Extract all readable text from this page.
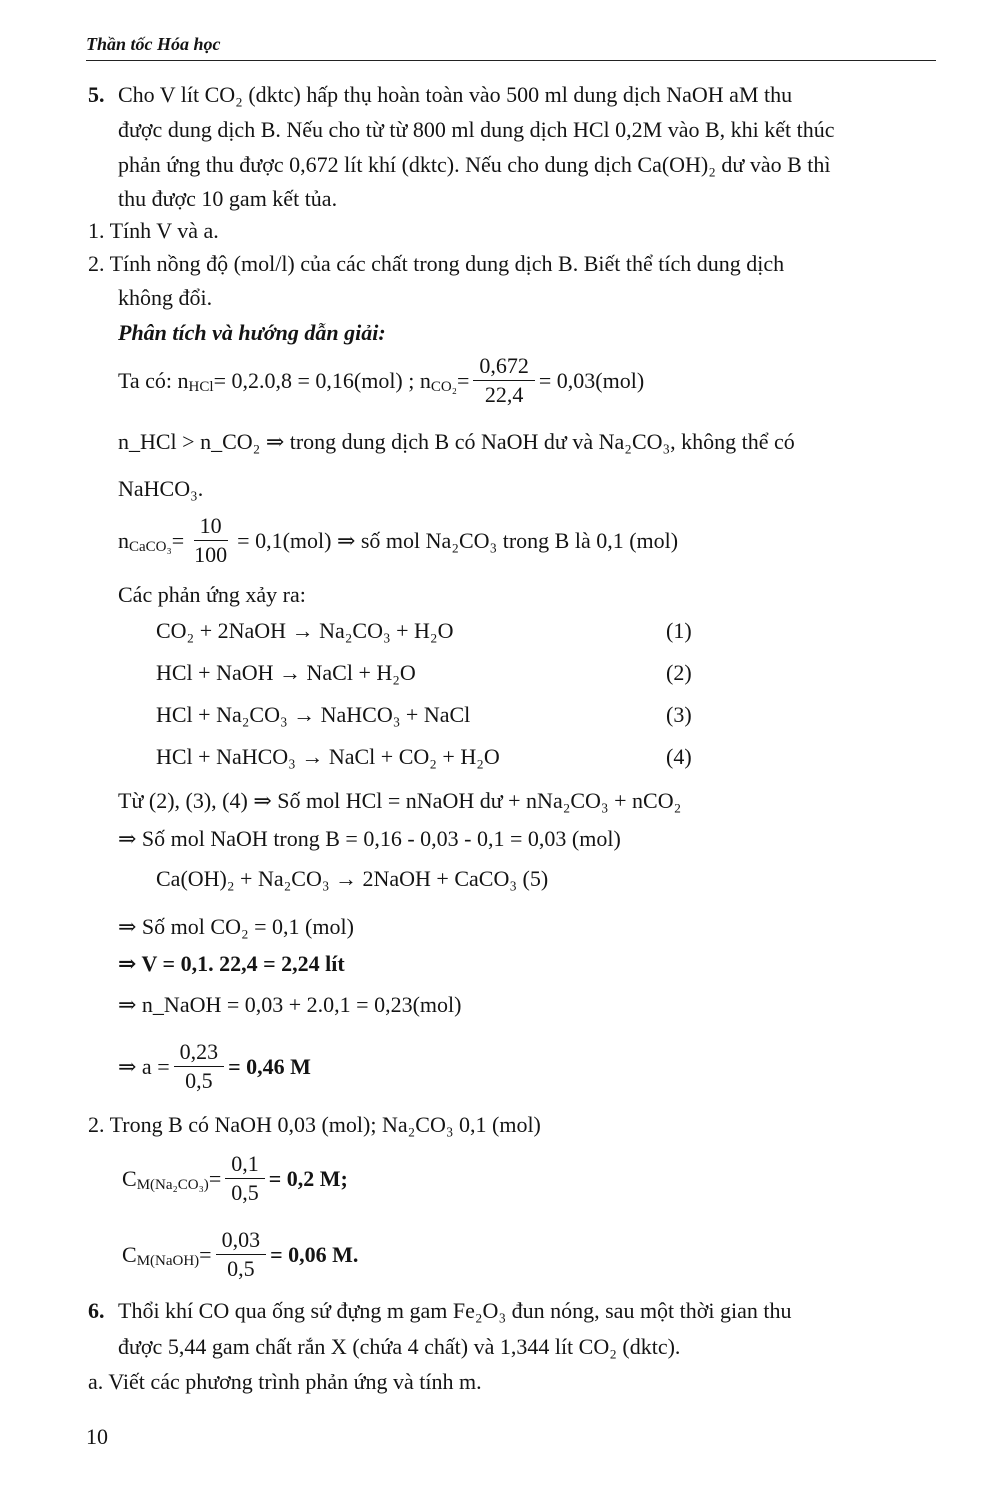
Thần tốc Hóa học
5. Cho V lít CO₂ (dktc) hấp thụ hoàn toàn vào 500 ml dung dịch NaOH aM thu
được dung dịch B. Nếu cho từ từ 800 ml dung dịch HCl 0,2M vào B, khi kết thúc
phản ứng thu được 0,672 lít khí (dktc). Nếu cho dung dịch Ca(OH)₂ dư vào B thì
thu được 10 gam kết tủa.
1. Tính V và a.
2. Tính nồng độ (mol/l) của các chất trong dung dịch B. Biết thể tích dung dịch
không đổi.
Phân tích và hướng dẫn giải:
Ta có: n HCl = 0,2.0,8 = 0,16(mol) ; n $CO_2 = \frac{0,672}{22,4} = 0,03(mol)$
n_HCl > n_CO₂ ⇒ trong dung dịch B có NaOH dư và Na₂CO₃, không thể có
NaHCO₃.
n CaCO₃ = $\frac{10}{100} = 0,1(mol)$ ⇒ số mol Na₂CO₃ trong B là 0,1 (mol)
Các phản ứng xảy ra:
CO₂ + 2NaOH → Na₂CO₃ + H₂O	(1)
HCl + NaOH → NaCl + H₂O	(2)
HCl + Na₂CO₃ → NaHCO₃ + NaCl	(3)
HCl + NaHCO₃ → NaCl + CO₂ + H₂O	(4)
Từ (2), (3), (4) ⇒ Số mol HCl = nNaOH dư + nNa₂CO₃ + nCO₂
⇒ Số mol NaOH trong B = 0,16 - 0,03 - 0,1 = 0,03 (mol)
Ca(OH)₂ + Na₂CO₃ → 2NaOH + CaCO₃ (5)
⇒ Số mol CO₂ = 0,1 (mol)
⇒ V = 0,1. 22,4 = 2,24 lít
⇒ n_NaOH = 0,03 + 2.0,1 = 0,23(mol)
⇒ $a = \frac{0,23}{0,5} = 0,46$ M
2. Trong B có NaOH 0,03 (mol); Na₂CO₃ 0,1 (mol)
C $M(Na_2CO_3) = \frac{0,1}{0,5} = 0,2$ M;
C M(NaOH) = $\frac{0,03}{0,5} = 0,06$ M.
6. Thổi khí CO qua ống sứ đựng m gam Fe₂O₃ đun nóng, sau một thời gian thu
được 5,44 gam chất rắn X (chứa 4 chất) và 1,344 lít CO₂ (dktc).
a. Viết các phương trình phản ứng và tính m.
10
